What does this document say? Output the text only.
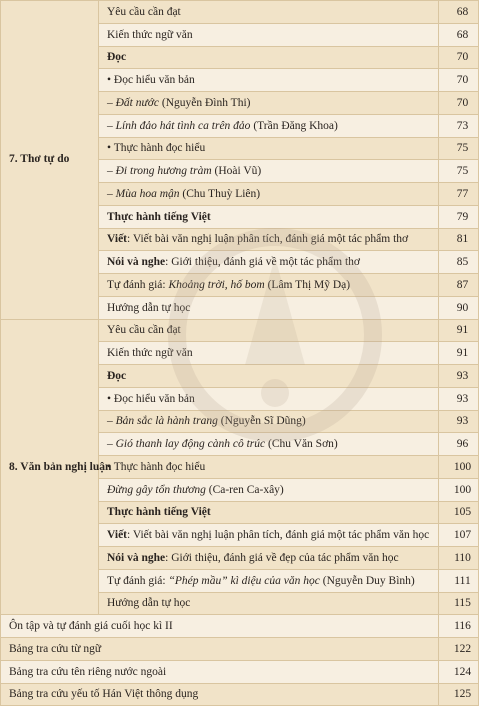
7. Thơ tự do	Yêu cầu cần đạt	68
	Kiến thức ngữ văn	68
	Đọc	70
	• Đọc hiểu văn bản	70
	– Đất nước (Nguyễn Đình Thi)	70
	– Lính đảo hát tình ca trên đảo (Trần Đăng Khoa)	73
	• Thực hành đọc hiểu	75
	– Đi trong hương tràm (Hoài Vũ)	75
	– Mùa hoa mận (Chu Thuỳ Liên)	77
	Thực hành tiếng Việt	79
	Viết: Viết bài văn nghị luận phân tích, đánh giá một tác phẩm thơ	81
	Nói và nghe: Giới thiệu, đánh giá về một tác phẩm thơ	85
	Tự đánh giá: Khoảng trời, hố bom (Lâm Thị Mỹ Dạ)	87
	Hướng dẫn tự học	90
8. Văn bản nghị luận	Yêu cầu cần đạt	91
	Kiến thức ngữ văn	91
	Đọc	93
	• Đọc hiểu văn bản	93
	– Bản sắc là hành trang (Nguyễn Sĩ Dũng)	93
	– Gió thanh lay động cành cô trúc (Chu Văn Sơn)	96
	• Thực hành đọc hiểu	100
	Đừng gây tổn thương (Ca-ren Ca-xây)	100
	Thực hành tiếng Việt	105
	Viết: Viết bài văn nghị luận phân tích, đánh giá một tác phẩm văn học	107
	Nói và nghe: Giới thiệu, đánh giá về đẹp của tác phẩm văn học	110
	Tự đánh giá: “Phép mầu” kì diệu của văn học (Nguyễn Duy Bình)	111
	Hướng dẫn tự học	115
Ôn tập và tự đánh giá cuối học kì II		116
Bảng tra cứu từ ngữ		122
Bảng tra cứu tên riêng nước ngoài		124
Bảng tra cứu yếu tố Hán Việt thông dụng		125
